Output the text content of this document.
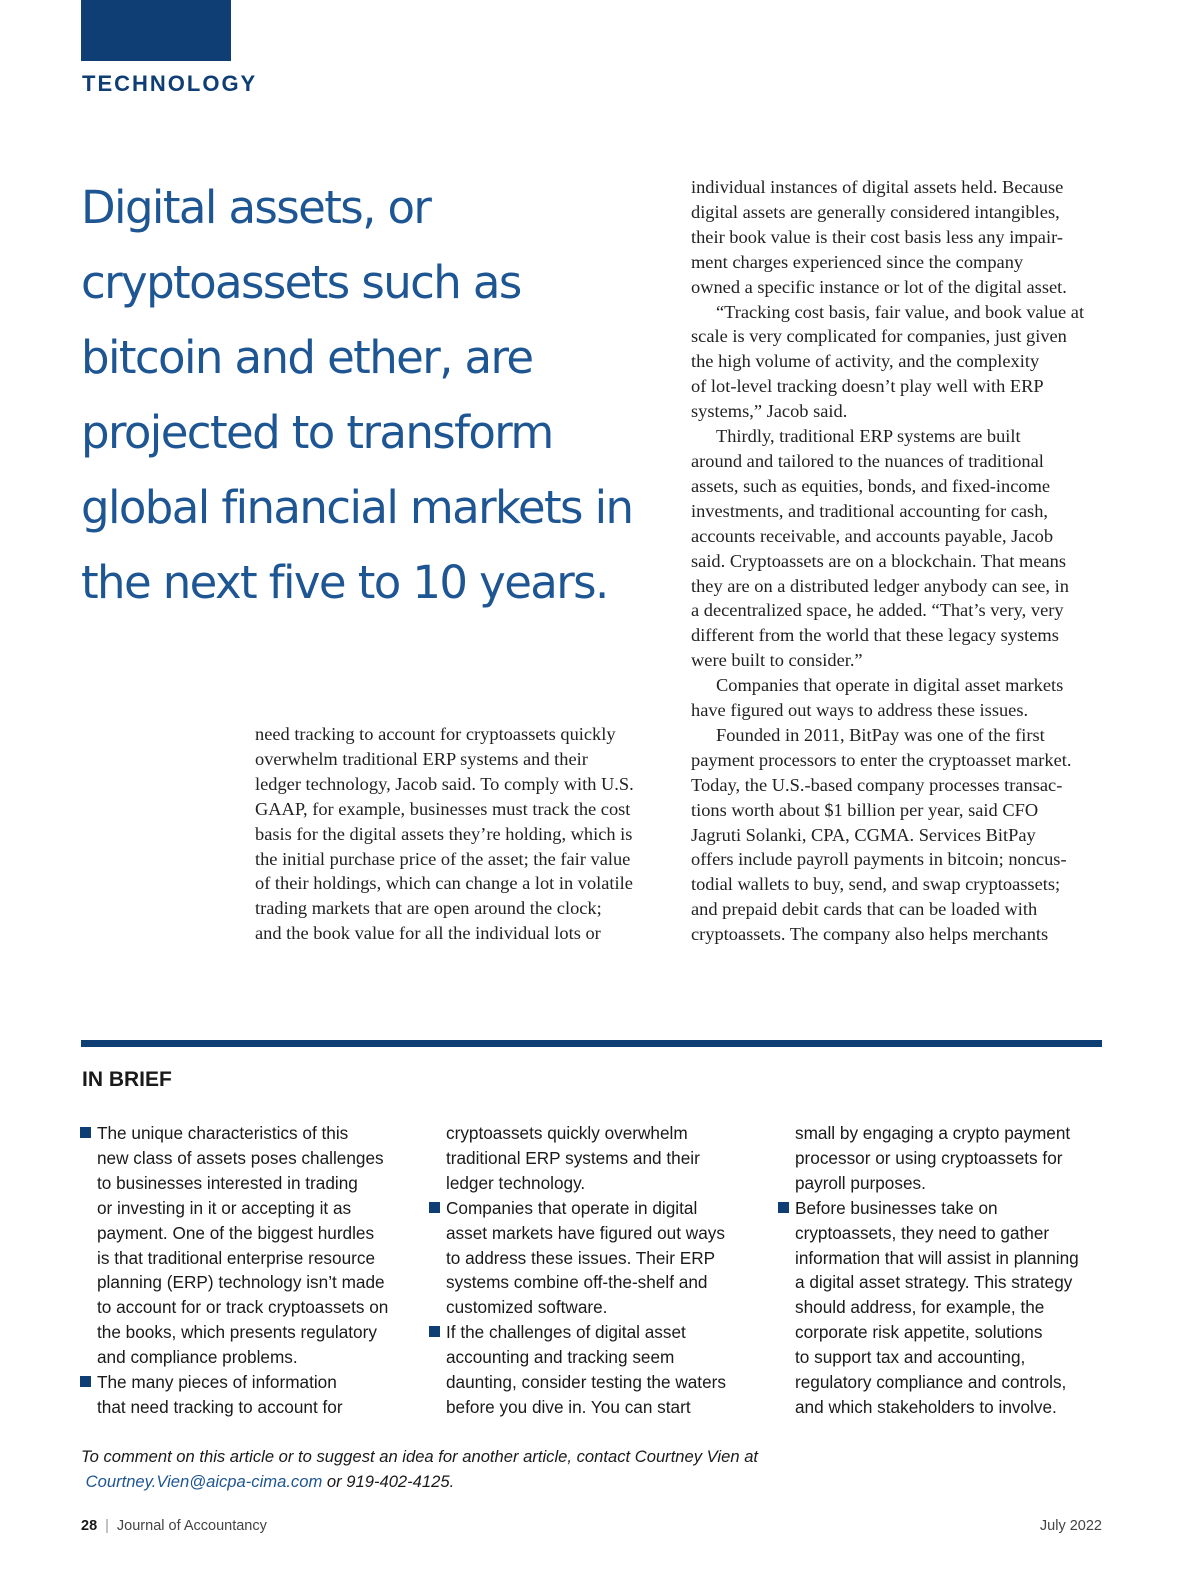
TECHNOLOGY
Digital assets, or
cryptoassets such as
bitcoin and ether, are
projected to transform
global financial markets in
the next five to 10 years.
need tracking to account for cryptoassets quickly
overwhelm traditional ERP systems and their
ledger technology, Jacob said. To comply with U.S.
GAAP, for example, businesses must track the cost
basis for the digital assets they’re holding, which is
the initial purchase price of the asset; the fair value
of their holdings, which can change a lot in volatile
trading markets that are open around the clock;
and the book value for all the individual lots or
individual instances of digital assets held. Because
digital assets are generally considered intangibles,
their book value is their cost basis less any impair-
ment charges experienced since the company
owned a specific instance or lot of the digital asset.
“Tracking cost basis, fair value, and book value at
scale is very complicated for companies, just given
the high volume of activity, and the complexity
of lot-level tracking doesn’t play well with ERP
systems,” Jacob said.
Thirdly, traditional ERP systems are built
around and tailored to the nuances of traditional
assets, such as equities, bonds, and fixed-income
investments, and traditional accounting for cash,
accounts receivable, and accounts payable, Jacob
said. Cryptoassets are on a blockchain. That means
they are on a distributed ledger anybody can see, in
a decentralized space, he added. “That’s very, very
different from the world that these legacy systems
were built to consider.”
Companies that operate in digital asset markets
have figured out ways to address these issues.
Founded in 2011, BitPay was one of the first
payment processors to enter the cryptoasset market.
Today, the U.S.-based company processes transac-
tions worth about $1 billion per year, said CFO
Jagruti Solanki, CPA, CGMA. Services BitPay
offers include payroll payments in bitcoin; noncus-
todial wallets to buy, send, and swap cryptoassets;
and prepaid debit cards that can be loaded with
cryptoassets. The company also helps merchants
IN BRIEF
The unique characteristics of this
new class of assets poses challenges
to businesses interested in trading
or investing in it or accepting it as
payment. One of the biggest hurdles
is that traditional enterprise resource
planning (ERP) technology isn’t made
to account for or track cryptoassets on
the books, which presents regulatory
and compliance problems.
The many pieces of information
that need tracking to account for
cryptoassets quickly overwhelm
traditional ERP systems and their
ledger technology.
Companies that operate in digital
asset markets have figured out ways
to address these issues. Their ERP
systems combine off-the-shelf and
customized software.
If the challenges of digital asset
accounting and tracking seem
daunting, consider testing the waters
before you dive in. You can start
small by engaging a crypto payment
processor or using cryptoassets for
payroll purposes.
Before businesses take on
cryptoassets, they need to gather
information that will assist in planning
a digital asset strategy. This strategy
should address, for example, the
corporate risk appetite, solutions
to support tax and accounting,
regulatory compliance and controls,
and which stakeholders to involve.
To comment on this article or to suggest an idea for another article, contact Courtney Vien at
Courtney.Vien@aicpa-cima.com or 919-402-4125.
28 | Journal of Accountancy	July 2022
